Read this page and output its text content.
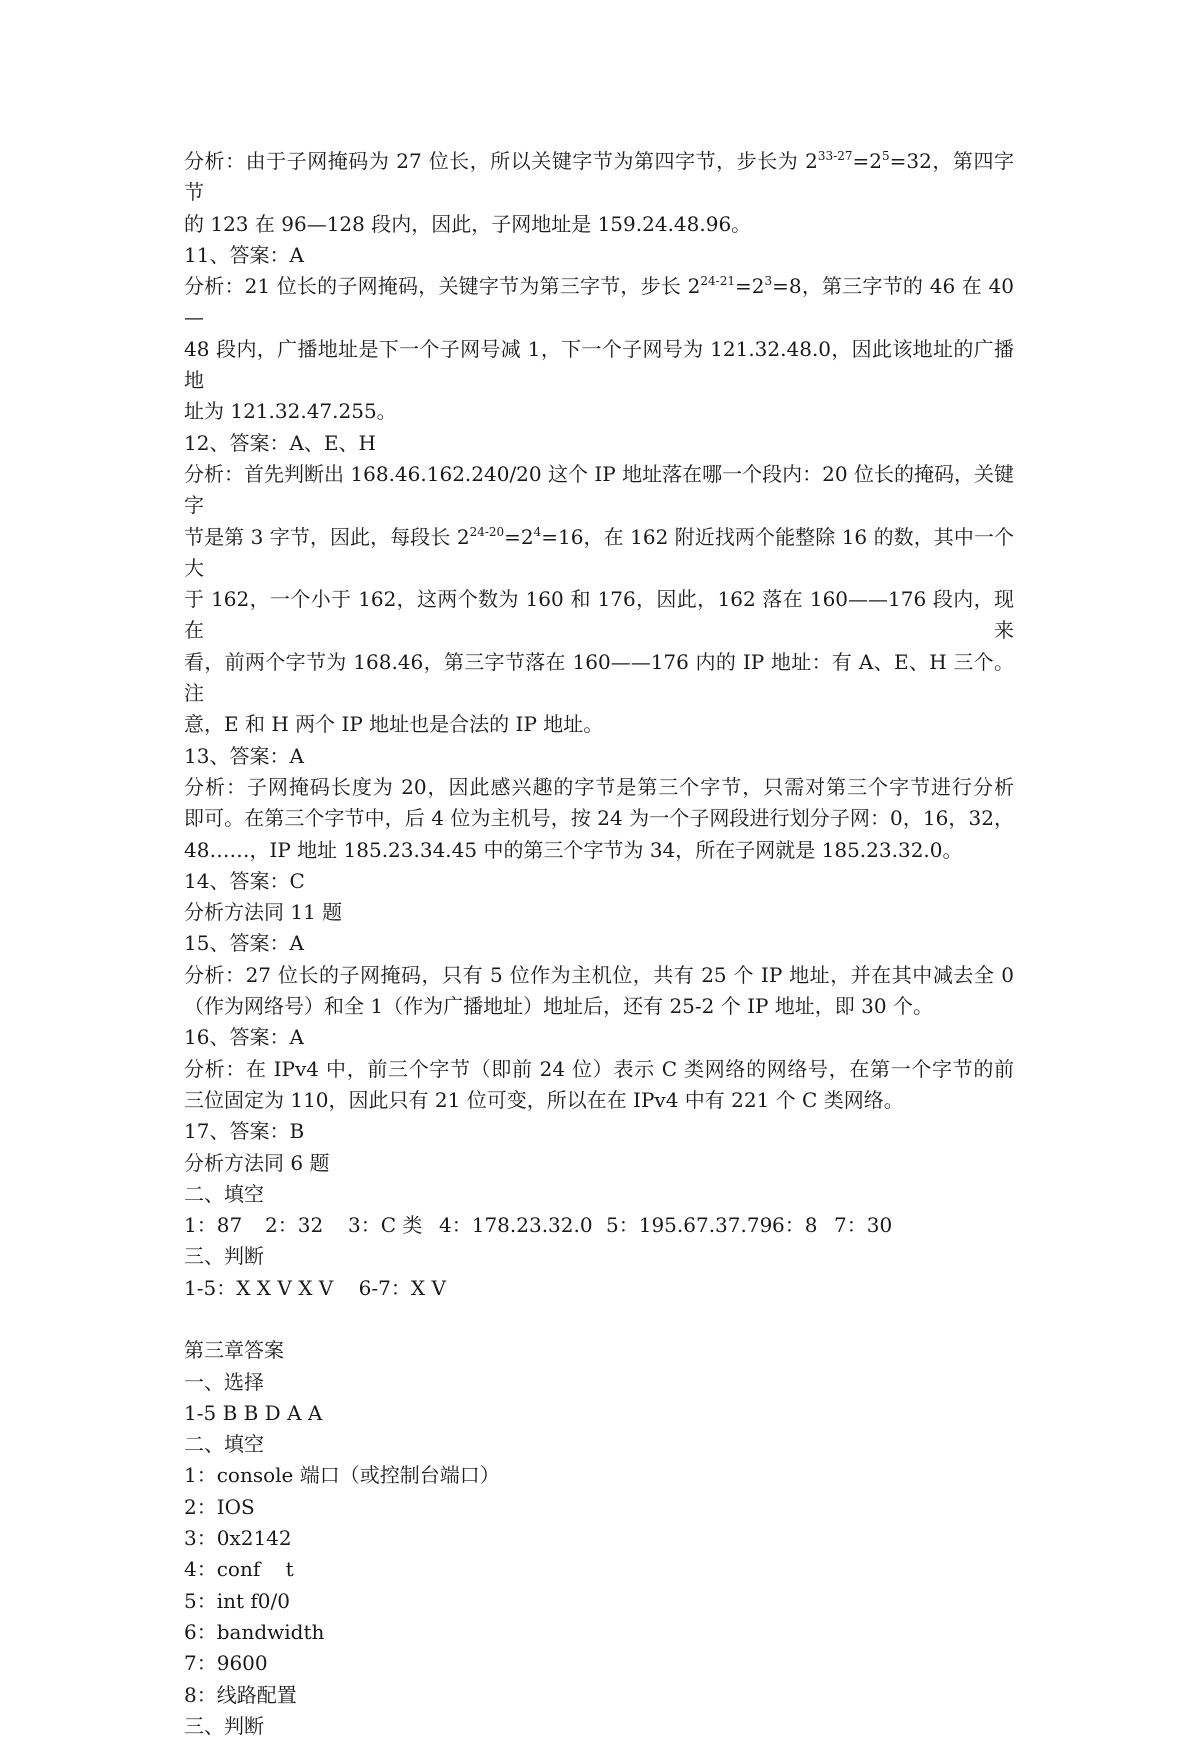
分析：由于子网掩码为 27 位长，所以关键字节为第四字节，步长为 $2^{33-27}=2^5=32$，第四字节
的 123 在 96—128 段内，因此，子网地址是 159.24.48.96。
11、答案：A
分析：21 位长的子网掩码，关键字节为第三字节，步长 $2^{24-21}=2^3=8$，第三字节的 46 在 40—
48 段内，广播地址是下一个子网号减 1，下一个子网号为 121.32.48.0，因此该地址的广播地
址为 121.32.47.255。
12、答案：A、E、H
分析：首先判断出 168.46.162.240/20 这个 IP 地址落在哪一个段内：20 位长的掩码，关键字
节是第 3 字节，因此，每段长 $2^{24-20}=2^4=16$，在 162 附近找两个能整除 16 的数，其中一个大
于 162，一个小于 162，这两个数为 160 和 176，因此，162 落在 160——176 段内，现在来
看，前两个字节为 168.46，第三字节落在 160——176 内的 IP 地址：有 A、E、H 三个。注
意，E 和 H 两个 IP 地址也是合法的 IP 地址。
13、答案：A
分析：子网掩码长度为 20，因此感兴趣的字节是第三个字节，只需对第三个字节进行分析
即可。在第三个字节中，后 4 位为主机号，按 24 为一个子网段进行划分子网：0，16，32，
48……，IP 地址 185.23.34.45 中的第三个字节为 34，所在子网就是 185.23.32.0。
14、答案：C
分析方法同 11 题
15、答案：A
分析：27 位长的子网掩码，只有 5 位作为主机位，共有 25 个 IP 地址，并在其中减去全 0
（作为网络号）和全 1（作为广播地址）地址后，还有 25-2 个 IP 地址，即 30 个。
16、答案：A
分析：在 IPv4 中，前三个字节（即前 24 位）表示 C 类网络的网络号，在第一个字节的前
三位固定为 110，因此只有 21 位可变，所以在在 IPv4 中有 221 个 C 类网络。
17、答案：B
分析方法同 6 题
二、填空
1：87 2：32 3：C 类 4：178.23.32.0 5：195.67.37.796：8 7：30
三、判断
1-5：X X V X V    6-7：X V
第三章答案
一、选择
1-5 B B D A A
二、填空
1：console 端口（或控制台端口）
2：IOS
3：0x2142
4：conf    t
5：int f0/0
6：bandwidth
7：9600
8：线路配置
三、判断
